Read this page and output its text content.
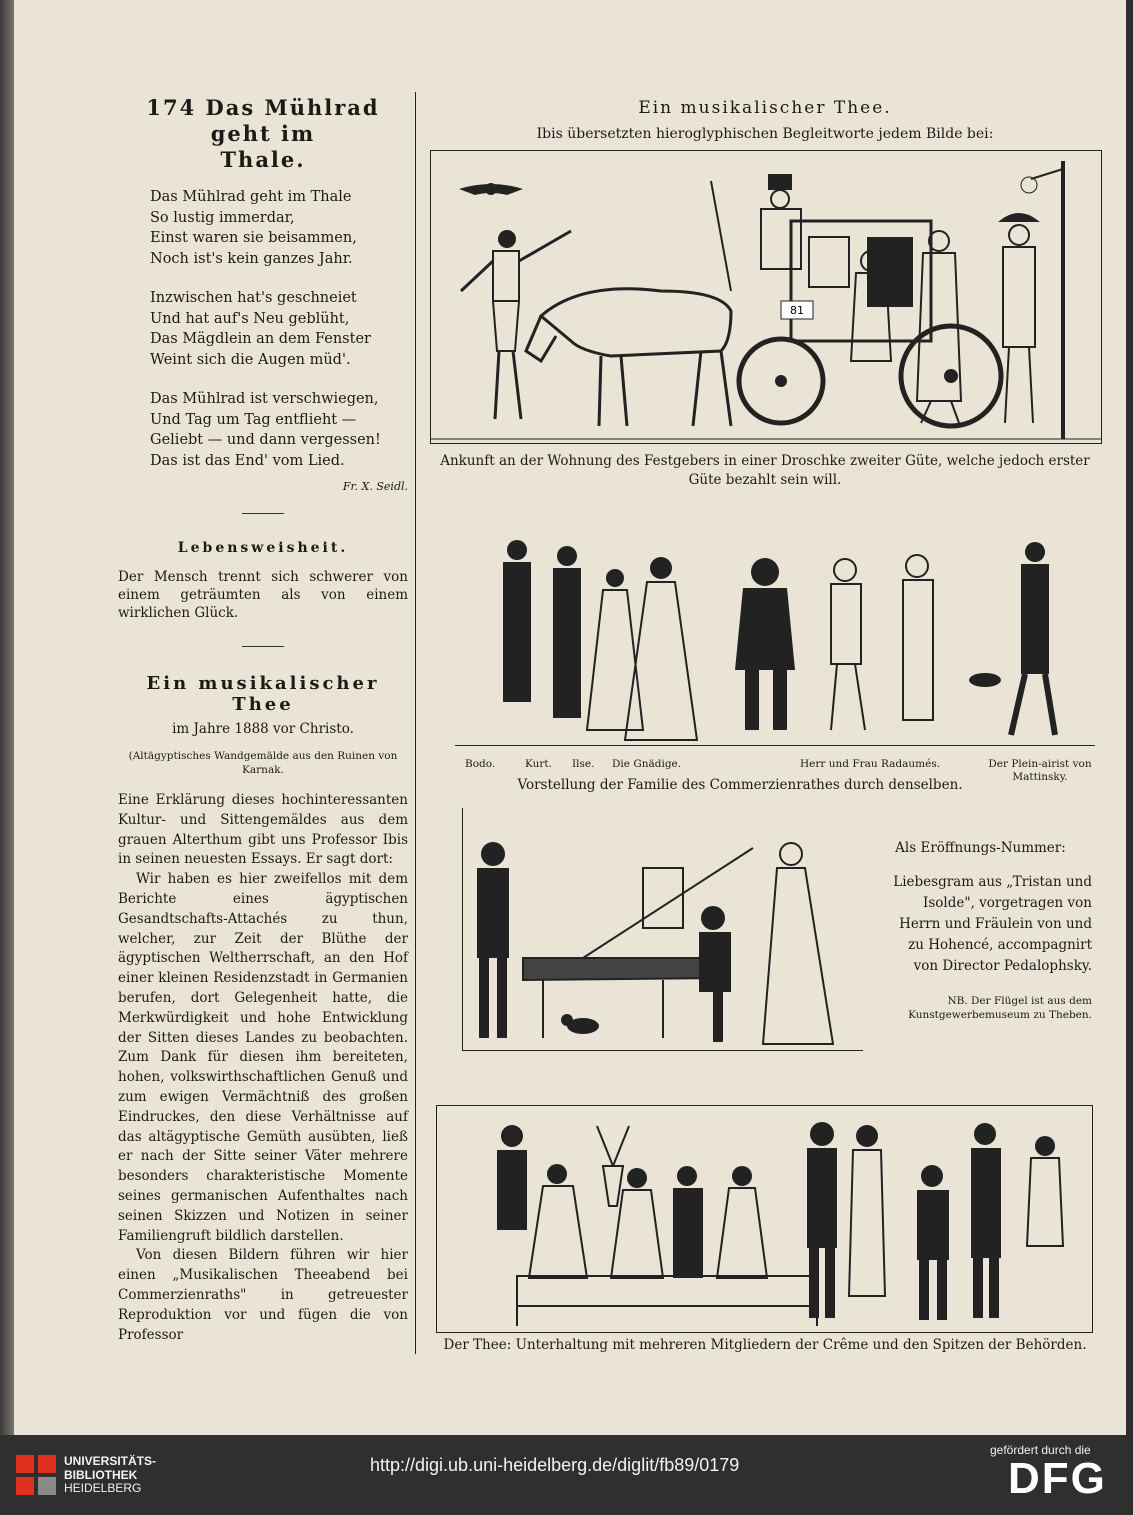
174 Das Mühlrad geht im
Thale.

Das Mühlrad geht im Thale
So lustig immerdar,
Einst waren sie beisammen,
Noch ist's kein ganzes Jahr.
Inzwischen hat's geschneiet
Und hat auf's Neu geblüht,
Das Mägdlein an dem Fenster
Weint sich die Augen müd'.
Das Mühlrad ist verschwiegen,
Und Tag um Tag entflieht —
Geliebt — und dann vergessen!
Das ist das End' vom Lied.

Fr. X. Seidl.

Lebensweisheit.

Der Mensch trennt sich schwerer von einem geträumten als von einem wirklichen Glück.

Ein musikalischer Thee
im Jahre 1888 vor Christo.

(Altägyptisches Wandgemälde aus den Ruinen von Karnak.

Eine Erklärung dieses hochinteressanten Kultur- und Sittengemäldes aus dem grauen Alterthum gibt uns Professor Ibis in seinen neuesten Essays. Er sagt dort:

Wir haben es hier zweifellos mit dem Berichte eines ägyptischen Gesandtschafts-Attachés zu thun, welcher, zur Zeit der Blüthe der ägyptischen Weltherrschaft, an den Hof einer kleinen Residenzstadt in Germanien berufen, dort Gelegenheit hatte, die Merkwürdigkeit und hohe Entwicklung der Sitten dieses Landes zu beobachten. Zum Dank für diesen ihm bereiteten, hohen, volkswirthschaftlichen Genuß und zum ewigen Vermächtniß des großen Eindruckes, den diese Verhältnisse auf das altägyptische Gemüth ausübten, ließ er nach der Sitte seiner Väter mehrere besonders charakteristische Momente seines germanischen Aufenthaltes nach seinen Skizzen und Notizen in seiner Familiengruft bildlich darstellen.

Von diesen Bildern führen wir hier einen „Musikalischen Theeabend bei Commerzienraths" in getreuester Reproduktion vor und fügen die von Professor

Ein musikalischer Thee.
Ibis übersetzten hieroglyphischen Begleitworte jedem Bilde bei:
81
Ankunft an der Wohnung des Festgebers in einer Droschke zweiter Güte, welche jedoch erster Güte bezahlt sein will.
Bodo.	Kurt. Ilse. Die Gnädige.	Herr und Frau Radaumés.	Der Plein-airist von Mattinsky.
Vorstellung der Familie des Commerzienrathes durch denselben.
Als Eröffnungs-Nummer:
Liebesgram aus „Tristan und Isolde", vorgetragen von Herrn und Fräulein von und zu Hohencé, accompagnirt von Director Pedalophsky.
NB. Der Flügel ist aus dem Kunstgewerbemuseum zu Theben.
Der Thee: Unterhaltung mit mehreren Mitgliedern der Crême und den Spitzen der Behörden.
UNIVERSITÄTS-
BIBLIOTHEK
HEIDELBERG
http://digi.ub.uni-heidelberg.de/diglit/fb89/0179
gefördert durch die
DFG
